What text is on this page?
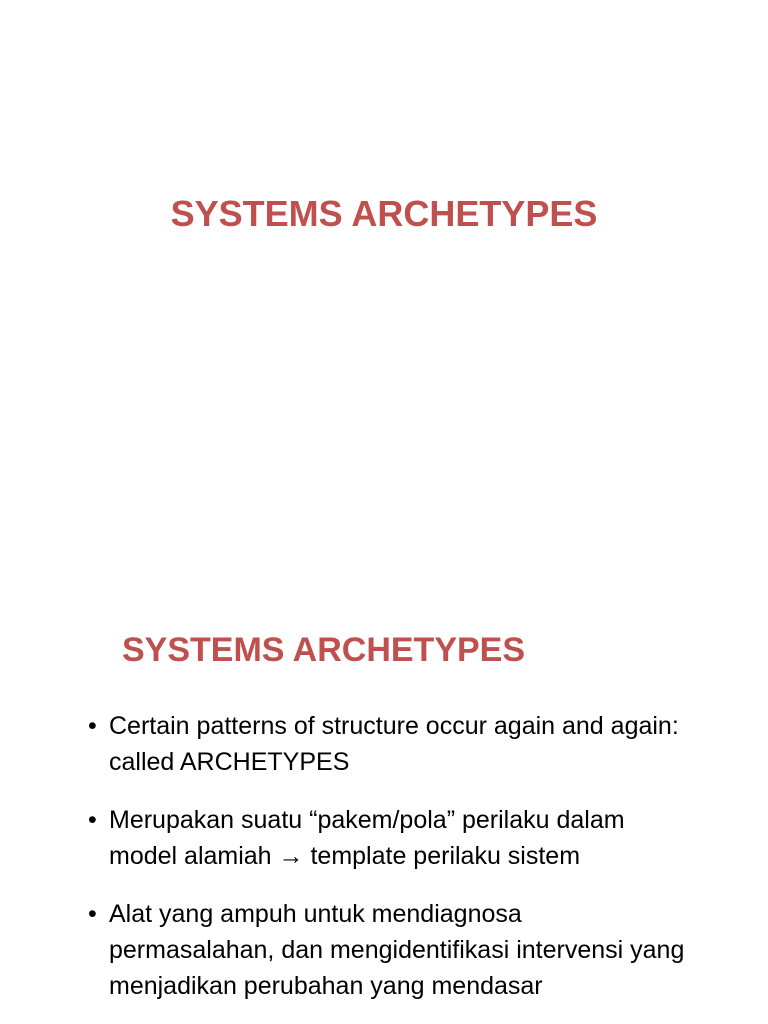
SYSTEMS ARCHETYPES
SYSTEMS ARCHETYPES
• Certain patterns of structure occur again and again: called ARCHETYPES
• Merupakan suatu “pakem/pola” perilaku dalam model alamiah → template perilaku sistem
• Alat yang ampuh untuk mendiagnosa permasalahan, dan mengidentifikasi intervensi yang menjadikan perubahan yang mendasar
